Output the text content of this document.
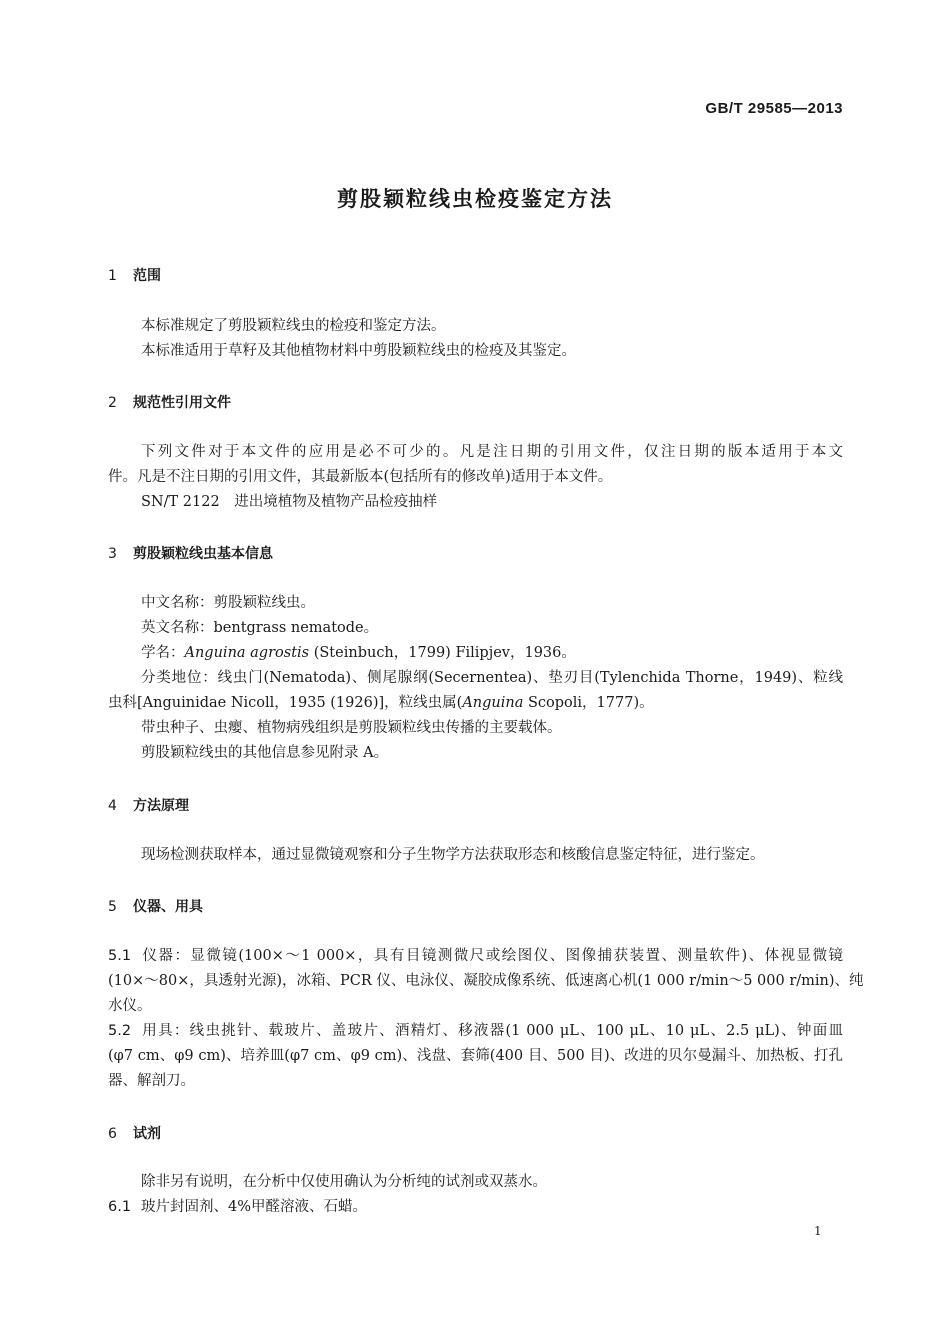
GB/T 29585—2013
剪股颖粒线虫检疫鉴定方法
1 范围
本标准规定了剪股颖粒线虫的检疫和鉴定方法。
本标准适用于草籽及其他植物材料中剪股颖粒线虫的检疫及其鉴定。
2 规范性引用文件
下列文件对于本文件的应用是必不可少的。凡是注日期的引用文件，仅注日期的版本适用于本文
件。凡是不注日期的引用文件，其最新版本(包括所有的修改单)适用于本文件。
SN/T 2122　进出境植物及植物产品检疫抽样
3 剪股颖粒线虫基本信息
中文名称：剪股颖粒线虫。
英文名称：bentgrass nematode。
学名：Anguina agrostis (Steinbuch，1799) Filipjev，1936。
分类地位：线虫门(Nematoda)、侧尾腺纲(Secernentea)、垫刃目(Tylenchida Thorne，1949)、粒线
虫科[Anguinidae Nicoll，1935 (1926)]，粒线虫属(Anguina Scopoli，1777)。
带虫种子、虫瘿、植物病残组织是剪股颖粒线虫传播的主要载体。
剪股颖粒线虫的其他信息参见附录 A。
4 方法原理
现场检测获取样本，通过显微镜观察和分子生物学方法获取形态和核酸信息鉴定特征，进行鉴定。
5 仪器、用具
5.1 仪器：显微镜(100×～1 000×，具有目镜测微尺或绘图仪、图像捕获装置、测量软件)、体视显微镜
(10×～80×，具透射光源)，冰箱、PCR 仪、电泳仪、凝胶成像系统、低速离心机(1 000 r/min～5 000 r/min)、纯
水仪。
5.2 用具：线虫挑针、载玻片、盖玻片、酒精灯、移液器(1 000 μL、100 μL、10 μL、2.5 μL)、钟面皿
(φ7 cm、φ9 cm)、培养皿(φ7 cm、φ9 cm)、浅盘、套筛(400 目、500 目)、改进的贝尔曼漏斗、加热板、打孔
器、解剖刀。
6 试剂
除非另有说明，在分析中仅使用确认为分析纯的试剂或双蒸水。
6.1 玻片封固剂、4%甲醛溶液、石蜡。
1
